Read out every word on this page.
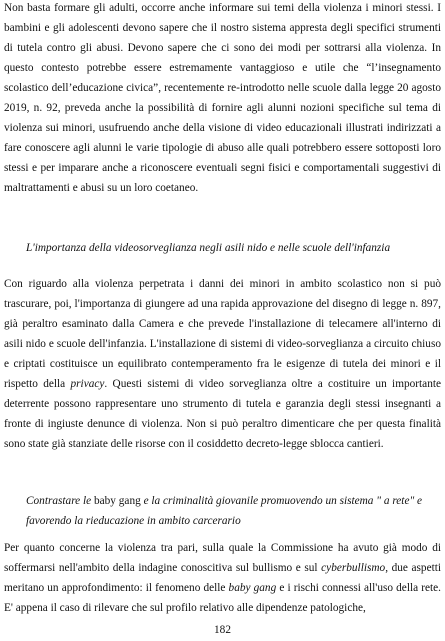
Non basta formare gli adulti, occorre anche informare sui temi della violenza i minori stessi. I bambini e gli adolescenti devono sapere che il nostro sistema appresta degli specifici strumenti di tutela contro gli abusi. Devono sapere che ci sono dei modi per sottrarsi alla violenza. In questo contesto potrebbe essere estremamente vantaggioso e utile che “l’insegnamento scolastico dell’educazione civica”, recentemente re-introdotto nelle scuole dalla legge 20 agosto 2019, n. 92, preveda anche la possibilità di fornire agli alunni nozioni specifiche sul tema di violenza sui minori, usufruendo anche della visione di video educazionali illustrati indirizzati a fare conoscere agli alunni le varie tipologie di abuso alle quali potrebbero essere sottoposti loro stessi e per imparare anche a riconoscere eventuali segni fisici e comportamentali suggestivi di maltrattamenti e abusi su un loro coetaneo.

L'importanza della videosorveglianza negli asili nido e nelle scuole dell'infanzia

Con riguardo alla violenza perpetrata i danni dei minori in ambito scolastico non si può trascurare, poi, l'importanza di giungere ad una rapida approvazione del disegno di legge n. 897, già peraltro esaminato dalla Camera e che prevede l'installazione di telecamere all'interno di asili nido e scuole dell'infanzia. L'installazione di sistemi di video-sorveglianza a circuito chiuso e criptati costituisce un equilibrato contemperamento fra le esigenze di tutela dei minori e il rispetto della privacy. Questi sistemi di video sorveglianza oltre a costituire un importante deterrente possono rappresentare uno strumento di tutela e garanzia degli stessi insegnanti a fronte di ingiuste denunce di violenza. Non si può peraltro dimenticare che per questa finalità sono state già stanziate delle risorse con il cosiddetto decreto-legge sblocca cantieri.

Contrastare le baby gang e la criminalità giovanile promuovendo un sistema " a rete" e favorendo la rieducazione in ambito carcerario

Per quanto concerne la violenza tra pari, sulla quale la Commissione ha avuto già modo di soffermarsi nell'ambito della indagine conoscitiva sul bullismo e sul cyberbullismo, due aspetti meritano un approfondimento: il fenomeno delle baby gang e i rischi connessi all'uso della rete. E' appena il caso di rilevare che sul profilo relativo alle dipendenze patologiche,

182
